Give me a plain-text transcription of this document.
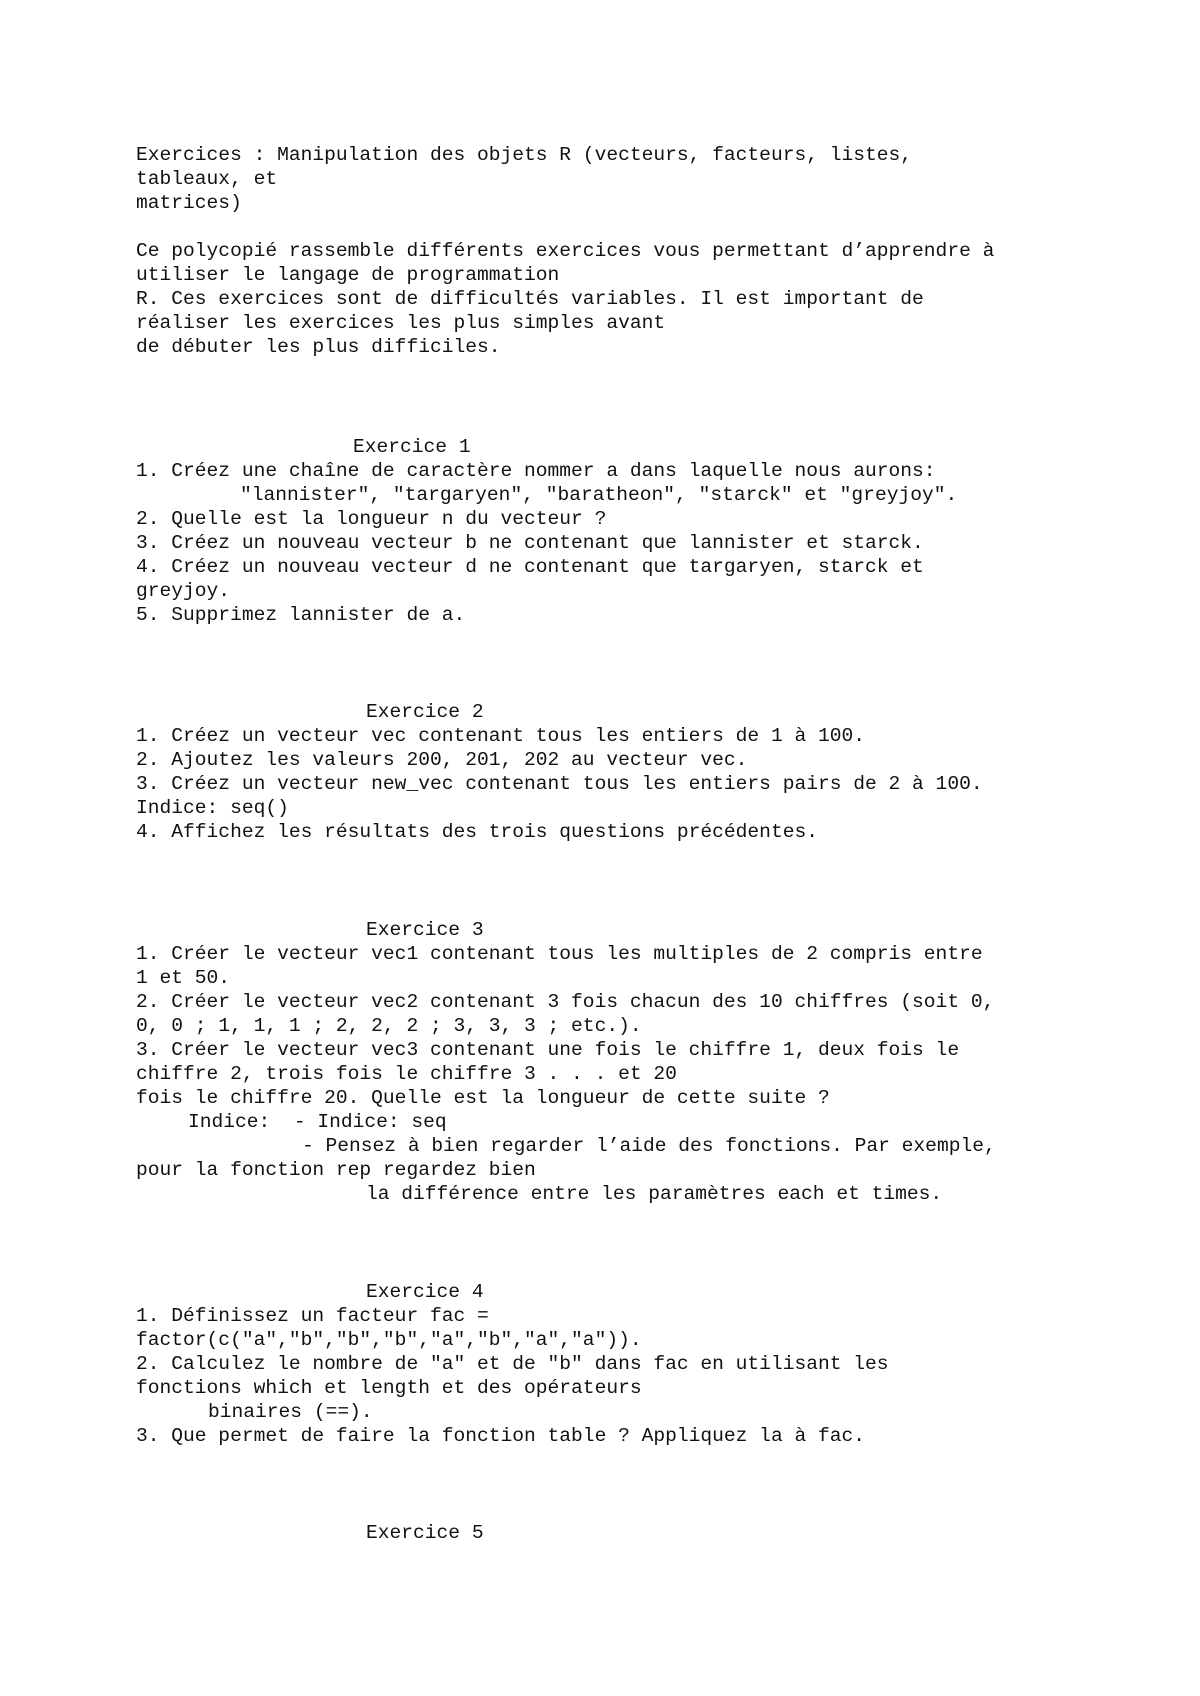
Exercices : Manipulation des objets R (vecteurs, facteurs, listes,

tableaux, et

matrices)

Ce polycopié rassemble différents exercices vous permettant d’apprendre à

utiliser le langage de programmation

R. Ces exercices sont de difficultés variables. Il est important de

réaliser les exercices les plus simples avant

de débuter les plus difficiles.

Exercice 1

1. Créez une chaîne de caractère nommer a dans laquelle nous aurons:

"lannister", "targaryen", "baratheon", "starck" et "greyjoy".

2. Quelle est la longueur n du vecteur ?

3. Créez un nouveau vecteur b ne contenant que lannister et starck.

4. Créez un nouveau vecteur d ne contenant que targaryen, starck et

greyjoy.

5. Supprimez lannister de a.

Exercice 2

1. Créez un vecteur vec contenant tous les entiers de 1 à 100.

2. Ajoutez les valeurs 200, 201, 202 au vecteur vec.

3. Créez un vecteur new_vec contenant tous les entiers pairs de 2 à 100.

Indice: seq()

4. Affichez les résultats des trois questions précédentes.

Exercice 3

1. Créer le vecteur vec1 contenant tous les multiples de 2 compris entre

1 et 50.

2. Créer le vecteur vec2 contenant 3 fois chacun des 10 chiffres (soit 0,

0, 0 ; 1, 1, 1 ; 2, 2, 2 ; 3, 3, 3 ; etc.).

3. Créer le vecteur vec3 contenant une fois le chiffre 1, deux fois le

chiffre 2, trois fois le chiffre 3 . . . et 20

fois le chiffre 20. Quelle est la longueur de cette suite ?

Indice:  - Indice: seq

- Pensez à bien regarder l’aide des fonctions. Par exemple,

pour la fonction rep regardez bien

la différence entre les paramètres each et times.

Exercice 4

1. Définissez un facteur fac =

factor(c("a","b","b","b","a","b","a","a")).

2. Calculez le nombre de "a" et de "b" dans fac en utilisant les

fonctions which et length et des opérateurs

binaires (==).

3. Que permet de faire la fonction table ? Appliquez la à fac.

Exercice 5
